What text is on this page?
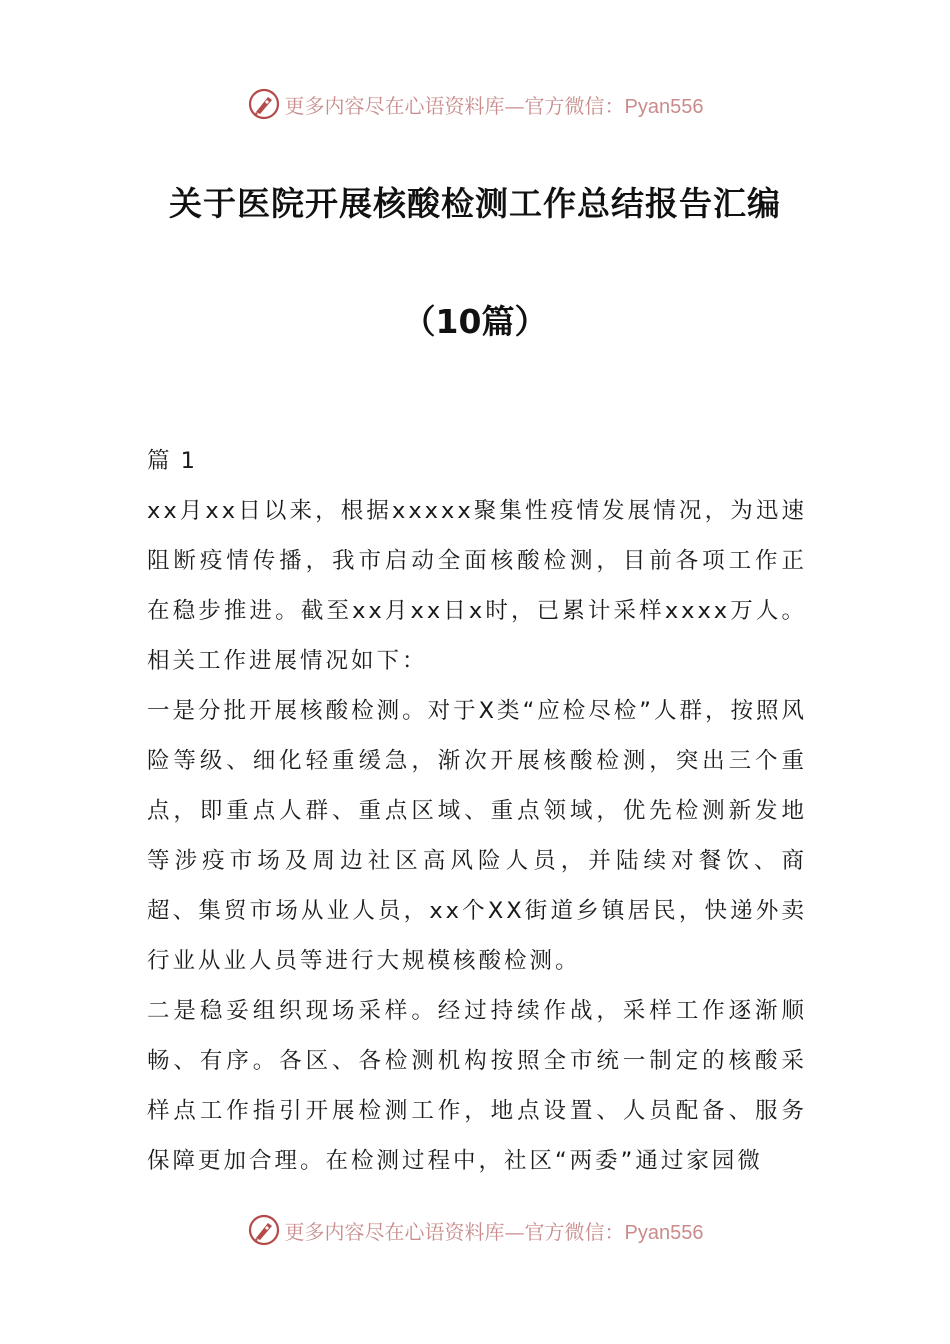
更多内容尽在心语资料库—官方微信：Pyan556
关于医院开展核酸检测工作总结报告汇编
（10篇）

篇 1

xx月xx日以来，根据xxxxx聚集性疫情发展情况，为迅速阻断疫情传播，我市启动全面核酸检测，目前各项工作正在稳步推进。截至xx月xx日x时，已累计采样xxxx万人。相关工作进展情况如下：

一是分批开展核酸检测。对于X类“应检尽检”人群，按照风险等级、细化轻重缓急，渐次开展核酸检测，突出三个重点，即重点人群、重点区域、重点领域，优先检测新发地等涉疫市场及周边社区高风险人员，并陆续对餐饮、商超、集贸市场从业人员，xx个XX街道乡镇居民，快递外卖行业从业人员等进行大规模核酸检测。

二是稳妥组织现场采样。经过持续作战，采样工作逐渐顺畅、有序。各区、各检测机构按照全市统一制定的核酸采样点工作指引开展检测工作，地点设置、人员配备、服务保障更加合理。在检测过程中，社区“两委”通过家园微

更多内容尽在心语资料库—官方微信：Pyan556
